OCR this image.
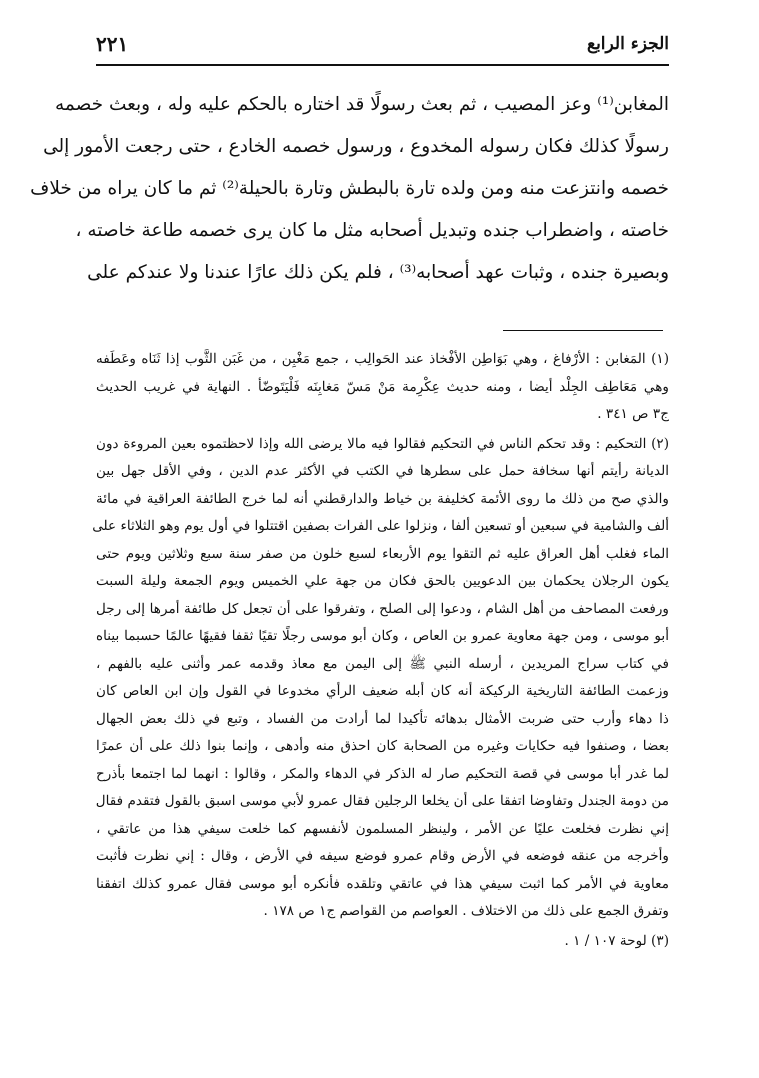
الجزء الرابع
٢٢١
المغابن⁽¹⁾ وعز المصيب ، ثم بعث رسولًا قد اختاره بالحكم عليه وله ، وبعث خصمه
رسولًا كذلك فكان رسوله المخدوع ، ورسول خصمه الخادع ، حتى رجعت الأمور إلى
خصمه وانتزعت منه ومن ولده تارة بالبطش وتارة بالحيلة⁽²⁾ ثم ما كان يراه من خلاف
خاصته ، واضطراب جنده وتبديل أصحابه مثل ما كان يرى خصمه طاعة خاصته ،
وبصيرة جنده ، وثبات عهد أصحابه⁽³⁾ ، فلم يكن ذلك عارًا عندنا ولا عندكم على
(١) المَغابن : الأرْفاغ ، وهي بَوَاطِن الأفْخاذ عند الحَوالِب ، جمع مَغْبِن ، من غَبَن الثَّوب إذا ثَنَاه وعَطَفه
وهي مَعَاطِف الجِلْد أيضا ، ومنه حديث عِكْرِمة مَنْ مَسّ مَغابِنَه فَلْيَتَوضّأ . النهاية في غريب الحديث
ج٣ ص ٣٤١ .
(٢) التحكيم : وقد تحكم الناس في التحكيم فقالوا فيه مالا يرضى الله وإذا لاحظتموه بعين المروءة دون
الديانة رأيتم أنها سخافة حمل على سطرها في الكتب في الأكثر عدم الدين ، وفي الأقل جهل بين
والذي صح من ذلك ما روى الأئمة كخليفة بن خياط والدارقطني أنه لما خرج الطائفة العراقية في مائة
ألف والشامية في سبعين أو تسعين ألفا ، ونزلوا على الفرات بصفين اقتتلوا في أول يوم وهو الثلاثاء على
الماء فغلب أهل العراق عليه ثم التقوا يوم الأربعاء لسبع خلون من صفر سنة سبع وثلاثين ويوم حتى
يكون الرجلان يحكمان بين الدعويين بالحق فكان من جهة علي الخميس ويوم الجمعة وليلة السبت
ورفعت المصاحف من أهل الشام ، ودعوا إلى الصلح ، وتفرقوا على أن تجعل كل طائفة أمرها إلى رجل
أبو موسى ، ومن جهة معاوية عمرو بن العاص ، وكان أبو موسى رجلًا تقيًا ثقفا فقيهًا عالمًا حسبما بيناه
في كتاب سراج المريدين ، أرسله النبي ﷺ إلى اليمن مع معاذ وقدمه عمر وأثنى عليه بالفهم ،
وزعمت الطائفة التاريخية الركيكة أنه كان أبله ضعيف الرأي مخدوعا في القول وإن ابن العاص كان
ذا دهاء وأرب حتى ضربت الأمثال بدهائه تأكيدا لما أرادت من الفساد ، وتبع في ذلك بعض الجهال
بعضا ، وصنفوا فيه حكايات وغيره من الصحابة كان احذق منه وأدهى ، وإنما بنوا ذلك على أن عمرًا
لما غدر أبا موسى في قصة التحكيم صار له الذكر في الدهاء والمكر ، وقالوا : انهما لما اجتمعا بأذرح
من دومة الجندل وتفاوضا اتفقا على أن يخلعا الرجلين فقال عمرو لأبي موسى اسبق بالقول فتقدم فقال
إني نظرت فخلعت عليًا عن الأمر ، ولينظر المسلمون لأنفسهم كما خلعت سيفي هذا من عاتقي ،
وأخرجه من عنقه فوضعه في الأرض وقام عمرو فوضع سيفه في الأرض ، وقال : إني نظرت فأثبت
معاوية في الأمر كما اثبت سيفي هذا في عاتقي وتلقده فأنكره أبو موسى فقال عمرو كذلك اتفقنا
وتفرق الجمع على ذلك من الاختلاف . العواصم من القواصم ج١ ص ١٧٨ .
(٣) لوحة ١٠٧ / ١ .
